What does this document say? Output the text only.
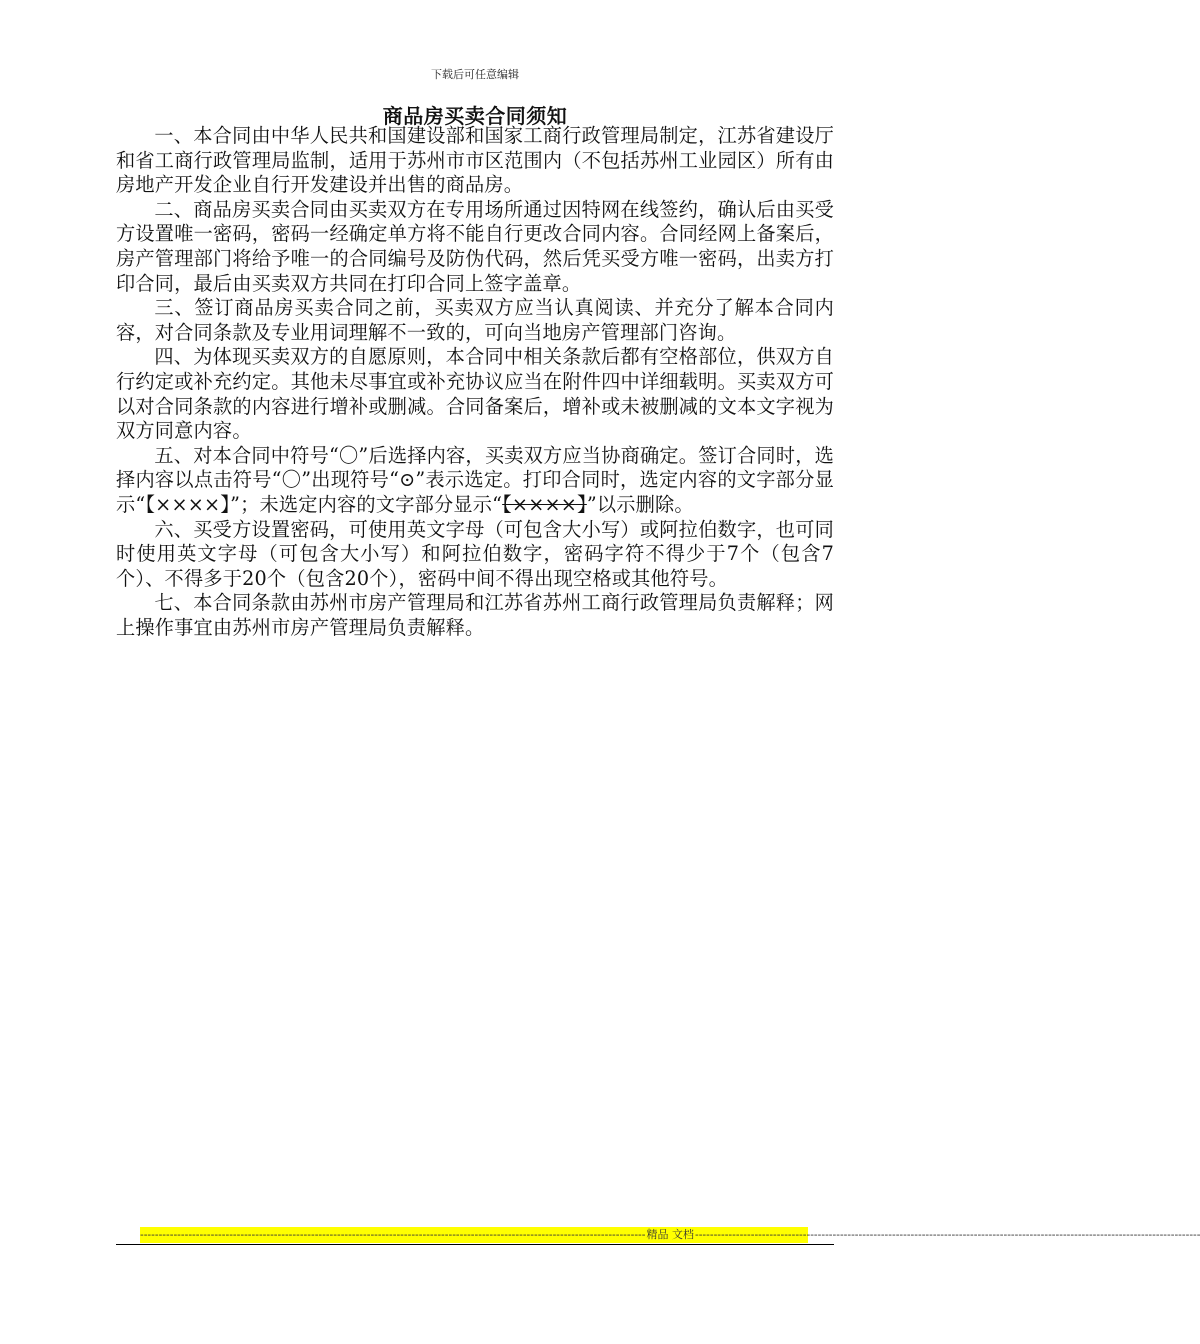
下载后可任意编辑
商品房买卖合同须知

一、本合同由中华人民共和国建设部和国家工商行政管理局制定，江苏省建设厅和省工商行政管理局监制，适用于苏州市市区范围内（不包括苏州工业园区）所有由房地产开发企业自行开发建设并出售的商品房。

二、商品房买卖合同由买卖双方在专用场所通过因特网在线签约，确认后由买受方设置唯一密码，密码一经确定单方将不能自行更改合同内容。合同经网上备案后，房产管理部门将给予唯一的合同编号及防伪代码，然后凭买受方唯一密码，出卖方打印合同，最后由买卖双方共同在打印合同上签字盖章。

三、签订商品房买卖合同之前，买卖双方应当认真阅读、并充分了解本合同内容，对合同条款及专业用词理解不一致的，可向当地房产管理部门咨询。

四、为体现买卖双方的自愿原则，本合同中相关条款后都有空格部位，供双方自行约定或补充约定。其他未尽事宜或补充协议应当在附件四中详细载明。买卖双方可以对合同条款的内容进行增补或删减。合同备案后，增补或未被删减的文本文字视为双方同意内容。

五、对本合同中符号“〇”后选择内容，买卖双方应当协商确定。签订合同时，选择内容以点击符号“〇”出现符号“⊙”表示选定。打印合同时，选定内容的文字部分显示“【××××】”；未选定内容的文字部分显示“【××××】”以示删除。

六、买受方设置密码，可使用英文字母（可包含大小写）或阿拉伯数字，也可同时使用英文字母（可包含大小写）和阿拉伯数字，密码字符不得少于7个（包含7个）、不得多于20个（包含20个），密码中间不得出现空格或其他符号。

七、本合同条款由苏州市房产管理局和江苏省苏州工商行政管理局负责解释；网上操作事宜由苏州市房产管理局负责解释。

---------------------------------------------------------------------------------------------------------------------------------------- 精品 文档 ----------------------------------------------------------------------------------------------------------------------------------------
